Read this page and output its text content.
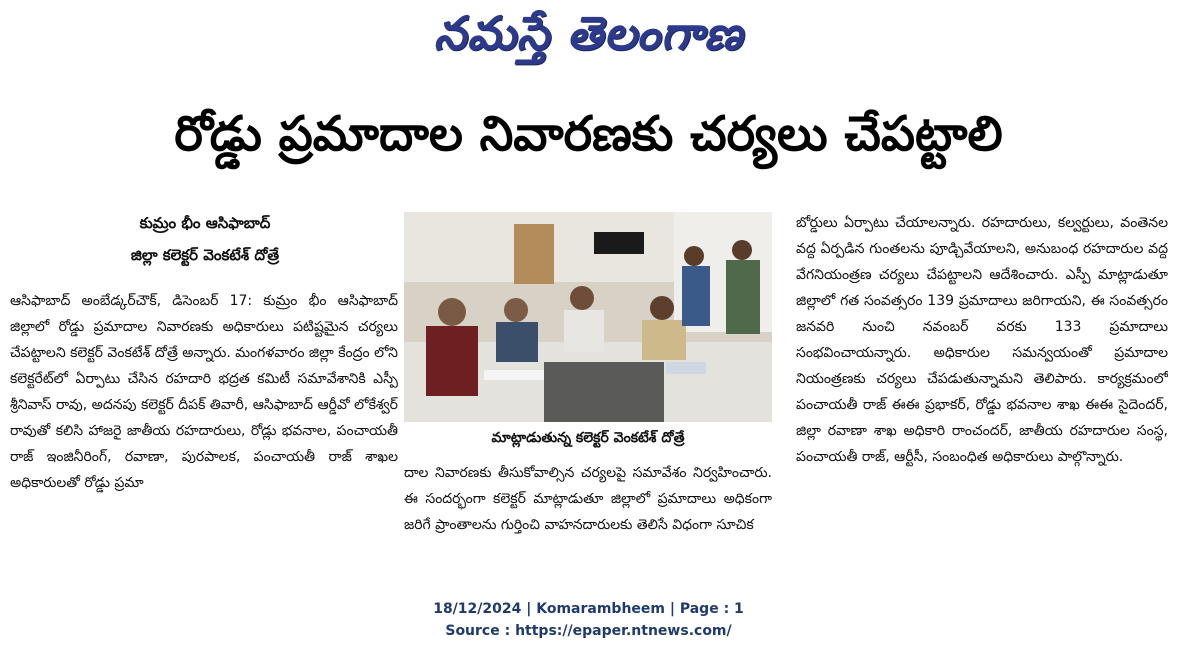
నమస్తే తెలంగాణ
రోడ్డు ప్రమాదాల నివారణకు చర్యలు చేపట్టాలి
కుమ్రం భీం ఆసిఫాబాద్
జిల్లా కలెక్టర్ వెంకటేశ్ దోత్రే

ఆసిఫాబాద్ అంబేడ్కర్‌చౌక్, డిసెంబర్ 17: కుమ్రం భీం ఆసిఫాబాద్ జిల్లాలో రోడ్డు ప్రమాదాల నివారణకు అధికారులు పటిష్టమైన చర్యలు చేపట్టాలని కలెక్టర్ వెంకటేశ్ దోత్రే అన్నారు. మంగళవారం జిల్లా కేంద్రం లోని కలెక్టరేట్‌లో ఏర్పాటు చేసిన రహదారి భద్రత కమిటీ సమావేశానికి ఎస్పీ శ్రీనివాస్ రావు, అదనపు కలెక్టర్ దీపక్ తివారీ, ఆసిఫాబాద్ ఆర్డీవో లోకేశ్వర్ రావుతో కలిసి హాజరై జాతీయ రహదారులు, రోడ్లు భవనాల, పంచాయతీ రాజ్ ఇంజినీరింగ్, రవాణా, పురపాలక, పంచాయతీ రాజ్ శాఖల అధికారులతో రోడ్డు ప్రమా

మాట్లాడుతున్న కలెక్టర్ వెంకటేశ్ దోత్రే

దాల నివారణకు తీసుకోవాల్సిన చర్యలపై సమావేశం నిర్వహించారు. ఈ సందర్భంగా కలెక్టర్ మాట్లాడుతూ జిల్లాలో ప్రమాదాలు అధికంగా జరిగే ప్రాంతాలను గుర్తించి వాహనదారులకు తెలిసే విధంగా సూచిక

బోర్డులు ఏర్పాటు చేయాలన్నారు. రహదారులు, కల్వర్టులు, వంతెనల వద్ద ఏర్పడిన గుంతలను పూడ్చివేయాలని, అనుబంధ రహదారుల వద్ద వేగనియంత్రణ చర్యలు చేపట్టాలని ఆదేశించారు. ఎస్పీ మాట్లాడుతూ జిల్లాలో గత సంవత్సరం 139 ప్రమాదాలు జరిగాయని, ఈ సంవత్సరం జనవరి నుంచి నవంబర్ వరకు 133 ప్రమాదాలు సంభవించాయన్నారు. అధికారుల సమన్వయంతో ప్రమాదాల నియంత్రణకు చర్యలు చేపడుతున్నామని తెలిపారు. కార్యక్రమంలో పంచాయతీ రాజ్ ఈఈ ప్రభాకర్, రోడ్డు భవనాల శాఖ ఈఈ సైదెందర్, జిల్లా రవాణా శాఖ అధికారి రాంచందర్, జాతీయ రహదారుల సంస్థ, పంచాయతీ రాజ్, ఆర్టీసీ, సంబంధిత అధికారులు పాల్గొన్నారు.

18/12/2024 | Komarambheem | Page : 1
Source : https://epaper.ntnews.com/
